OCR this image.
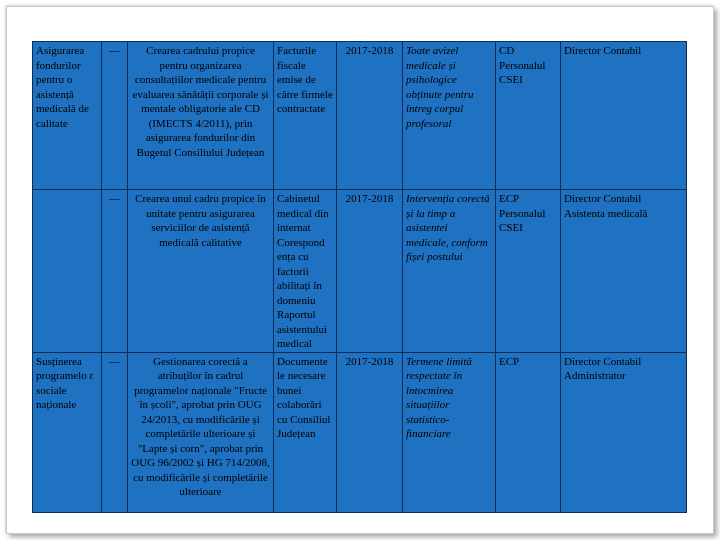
Asigurarea fondurilor pentru o asistență medicală de calitate	—	Crearea cadrului propice pentru organizarea consultațiilor medicale pentru evaluarea sănătății corporale și mentale obligatorie ale CD (IMECTS 4/2011), prin asigurarea fondurilor din Bugetul Consiliului Județean	Facturile fiscale emise de către firmele contractate	2017-2018	Toate avizel medicale și psihologice obținute pentru întreg corpul profesoral	CD Personalul CSEI	Director Contabil
	—	Crearea unui cadru propice în unitate pentru asigurarea serviciilor de asistență medicală calitative	Cabinetul medical din internat Corespond ența cu factorii abilitați în domeniu Raportul asistentului medical	2017-2018	Intervenția corectă și la timp a asistentei medicale, conform fișei postului	ECP Personalul CSEI	Director Contabil Asistenta medicală
Susținerea programelo r sociale naționale	—	Gestionarea corectă a atribuților în cadrul programelor naționale "Fructe în școli", aprobat prin OUG 24/2013, cu modificările și completările ulterioare și "Lapte și corn", aprobat prin OUG 96/2002 și HG 714/2008, cu modificările și completările ulterioare	Documente le necesare bunei colaborări cu Consiliul Județean	2017-2018	Termene limită respectate în întocmirea situațiilor statistico-financiare	ECP	Director Contabil Administrator
